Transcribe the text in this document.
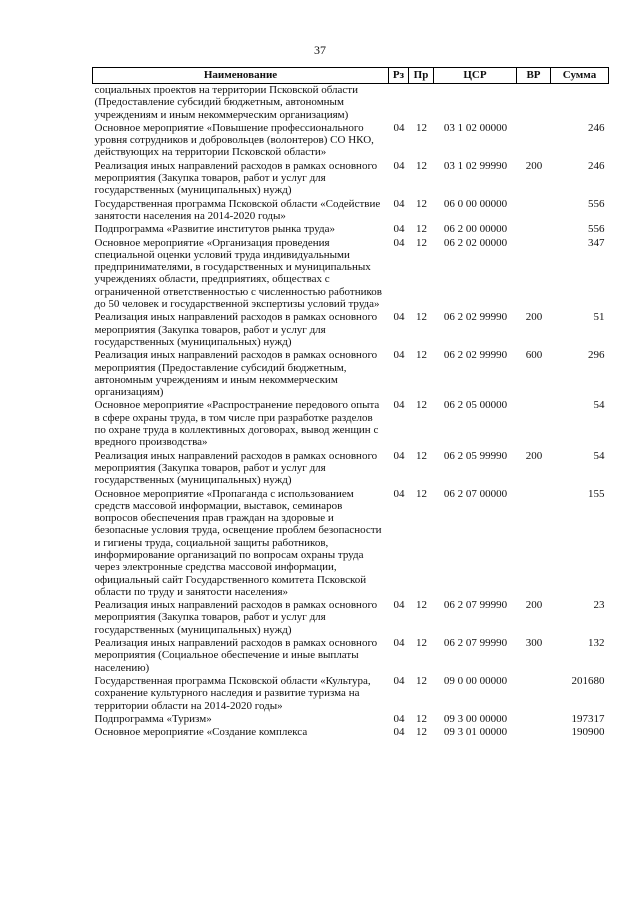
37
Наименование	Рз	Пр	ЦСР	ВР	Сумма
социальных проектов на территории Псковской области (Предоставление субсидий бюджетным, автономным учреждениям и иным некоммерческим организациям)					
Основное мероприятие «Повышение профессионального уровня сотрудников и добровольцев (волонтеров) СО НКО, действующих на территории Псковской области»	04	12	03 1 02 00000		246
Реализация иных направлений расходов в рамках основного мероприятия (Закупка товаров, работ и услуг для государственных (муниципальных) нужд)	04	12	03 1 02 99990	200	246
Государственная программа Псковской области «Содействие занятости населения на 2014-2020 годы»	04	12	06 0 00 00000		556
Подпрограмма «Развитие институтов рынка труда»	04	12	06 2 00 00000		556
Основное мероприятие «Организация проведения специальной оценки условий труда индивидуальными предпринимателями, в государственных и муниципальных учреждениях области, предприятиях, обществах с ограниченной ответственностью с численностью работников до 50 человек и государственной экспертизы условий труда»	04	12	06 2 02 00000		347
Реализация иных направлений расходов в рамках основного мероприятия (Закупка товаров, работ и услуг для государственных (муниципальных) нужд)	04	12	06 2 02 99990	200	51
Реализация иных направлений расходов в рамках основного мероприятия (Предоставление субсидий бюджетным, автономным учреждениям и иным некоммерческим организациям)	04	12	06 2 02 99990	600	296
Основное мероприятие «Распространение передового опыта в сфере охраны труда, в том числе при разработке разделов по охране труда в коллективных договорах, вывод женщин с вредного производства»	04	12	06 2 05 00000		54
Реализация иных направлений расходов в рамках основного мероприятия (Закупка товаров, работ и услуг для государственных (муниципальных) нужд)	04	12	06 2 05 99990	200	54
Основное мероприятие «Пропаганда с использованием средств массовой информации, выставок, семинаров вопросов обеспечения прав граждан на здоровые и безопасные условия труда, освещение проблем безопасности и гигиены труда, социальной защиты работников, информирование организаций по вопросам охраны труда через электронные средства массовой информации, официальный сайт Государственного комитета Псковской области по труду и занятости населения»	04	12	06 2 07 00000		155
Реализация иных направлений расходов в рамках основного мероприятия (Закупка товаров, работ и услуг для государственных (муниципальных) нужд)	04	12	06 2 07 99990	200	23
Реализация иных направлений расходов в рамках основного мероприятия (Социальное обеспечение и иные выплаты населению)	04	12	06 2 07 99990	300	132
Государственная программа Псковской области «Культура, сохранение культурного наследия и развитие туризма на территории области на 2014-2020 годы»	04	12	09 0 00 00000		201680
Подпрограмма «Туризм»	04	12	09 3 00 00000		197317
Основное мероприятие «Создание комплекса	04	12	09 3 01 00000		190900
